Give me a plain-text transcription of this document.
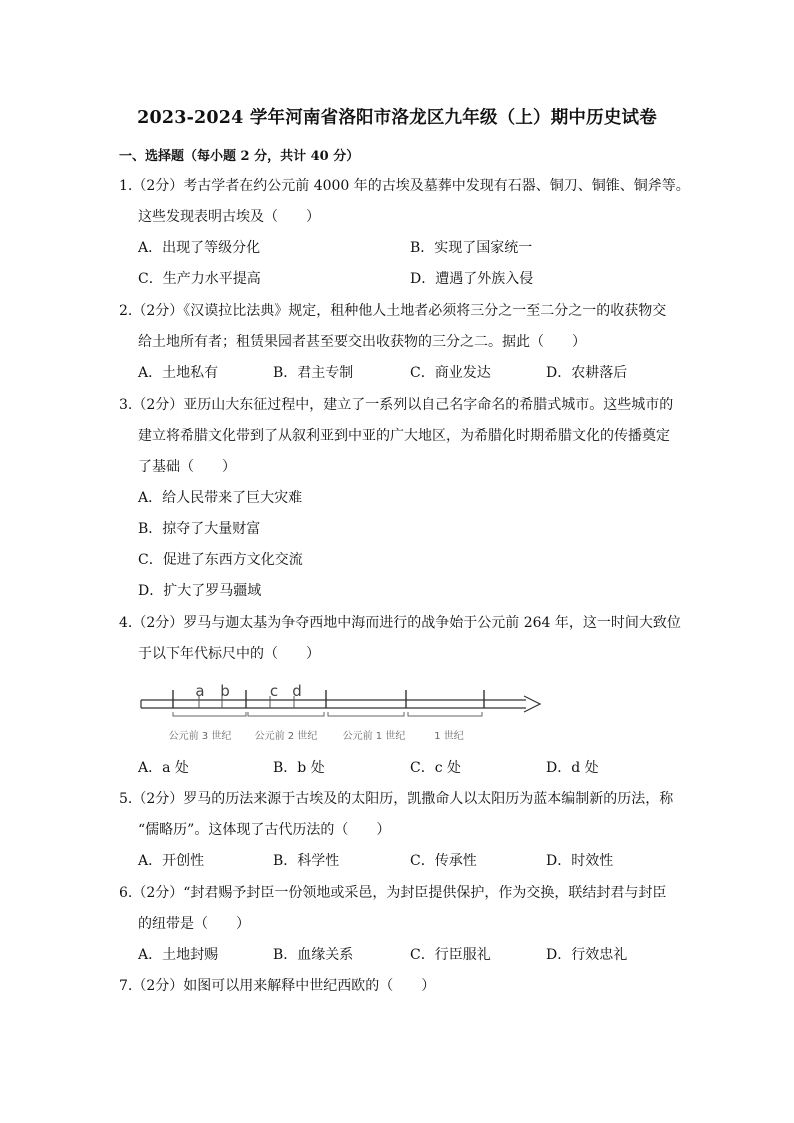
2023-2024 学年河南省洛阳市洛龙区九年级（上）期中历史试卷
一、选择题（每小题 2 分，共计 40 分）
1.（2分）考古学者在约公元前 4000 年的古埃及墓葬中发现有石器、铜刀、铜锥、铜斧等。
这些发现表明古埃及（　　）
A．出现了等级分化	B．实现了国家统一
C．生产力水平提高	D．遭遇了外族入侵
2.（2分）《汉谟拉比法典》规定，租种他人土地者必须将三分之一至二分之一的收获物交
给土地所有者；租赁果园者甚至要交出收获物的三分之二。据此（　　）
A．土地私有	B．君主专制	C．商业发达	D．农耕落后
3.（2分）亚历山大东征过程中，建立了一系列以自己名字命名的希腊式城市。这些城市的
建立将希腊文化带到了从叙利亚到中亚的广大地区，为希腊化时期希腊文化的传播奠定
了基础（　　）
A．给人民带来了巨大灾难
B．掠夺了大量财富
C．促进了东西方文化交流
D．扩大了罗马疆域
4.（2分）罗马与迦太基为争夺西地中海而进行的战争始于公元前 264 年，这一时间大致位
于以下年代标尺中的（　　）
a b	c d
公元前 3 世纪 公元前 2 世纪	公元前 1 世纪	1 世纪
A．a 处	B．b 处	C．c 处	D．d 处
5.（2分）罗马的历法来源于古埃及的太阳历，凯撒命人以太阳历为蓝本编制新的历法，称
“儒略历”。这体现了古代历法的（　　）
A．开创性	B．科学性	C．传承性	D．时效性
6.（2分）“封君赐予封臣一份领地或采邑，为封臣提供保护，作为交换，联结封君与封臣
的纽带是（　　）
A．土地封赐	B．血缘关系	C．行臣服礼	D．行效忠礼
7.（2分）如图可以用来解释中世纪西欧的（　　）
